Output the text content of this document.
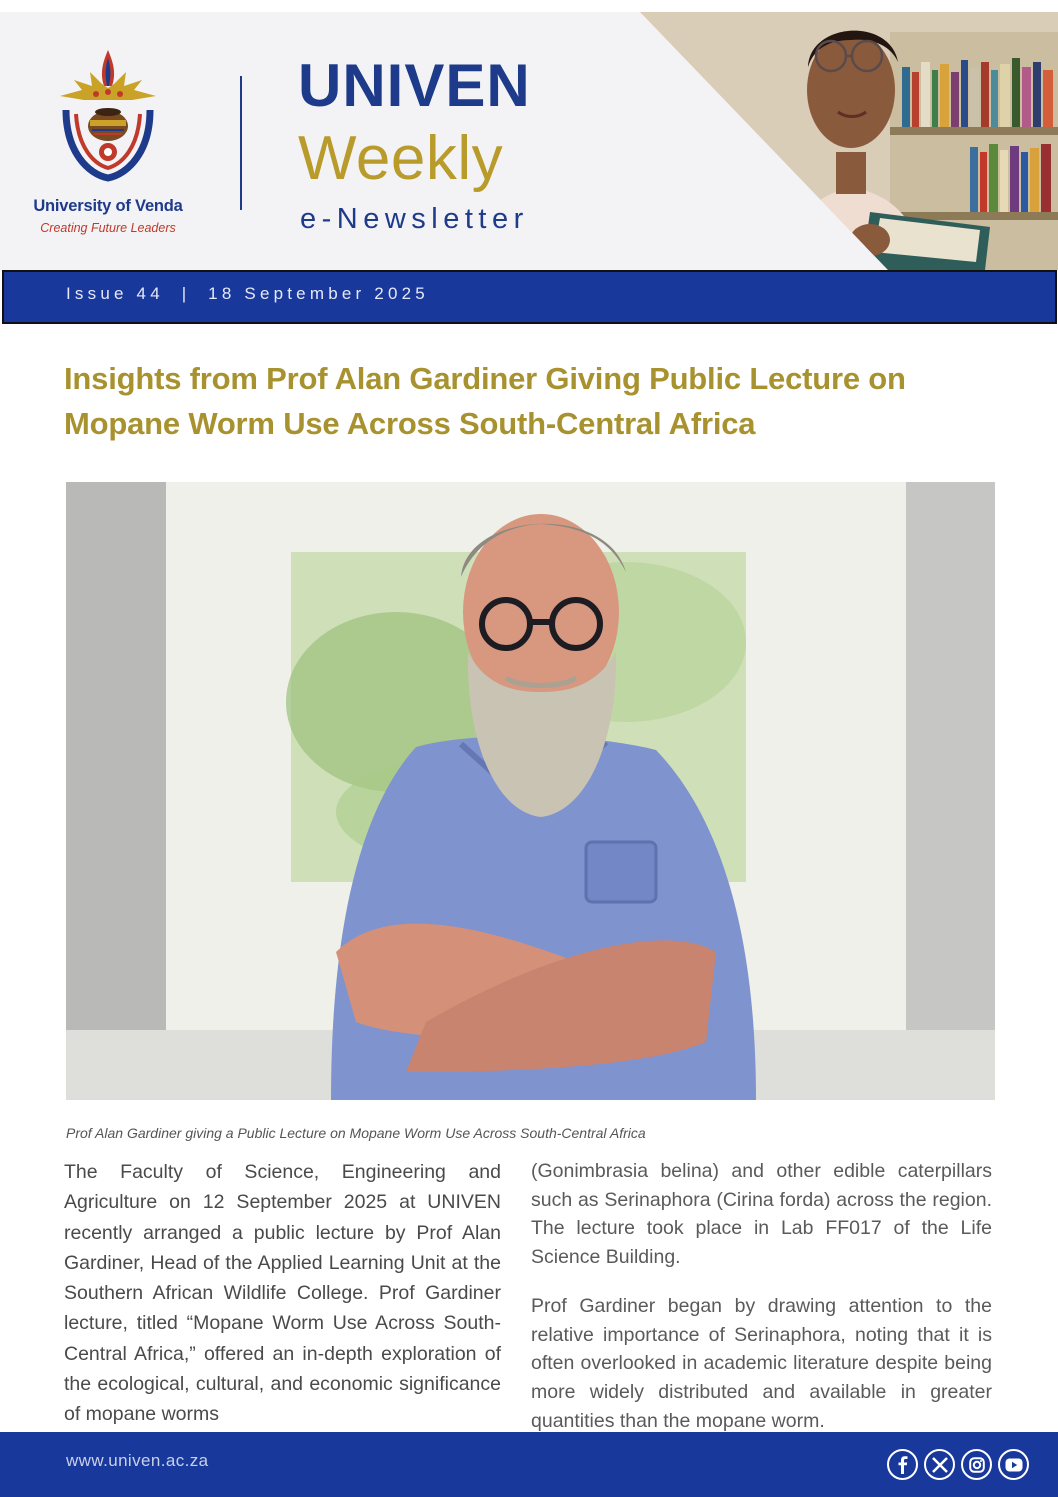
University of Venda
Creating Future Leaders
UNIVEN
Weekly
e-Newsletter
Issue 44  |  18 September 2025
Insights from Prof Alan Gardiner Giving Public Lecture on Mopane Worm Use Across South-Central Africa
Prof Alan Gardiner giving a Public Lecture on Mopane Worm Use Across South-Central Africa

The Faculty of Science, Engineering and Agriculture on 12 September 2025 at UNIVEN recently arranged a public lecture by Prof Alan Gardiner, Head of the Applied Learning Unit at the Southern African Wildlife College. Prof Gardiner lecture, titled “Mopane Worm Use Across South-Central Africa,” offered an in-depth exploration of the ecological, cultural, and economic significance of mopane worms

(Gonimbrasia belina) and other edible caterpillars such as Serinaphora (Cirina forda) across the region. The lecture took place in Lab FF017 of the Life Science Building.

Prof Gardiner began by drawing attention to the relative importance of Serinaphora, noting that it is often overlooked in academic literature despite being more widely distributed and available in greater quantities than the mopane worm.

www.univen.ac.za
